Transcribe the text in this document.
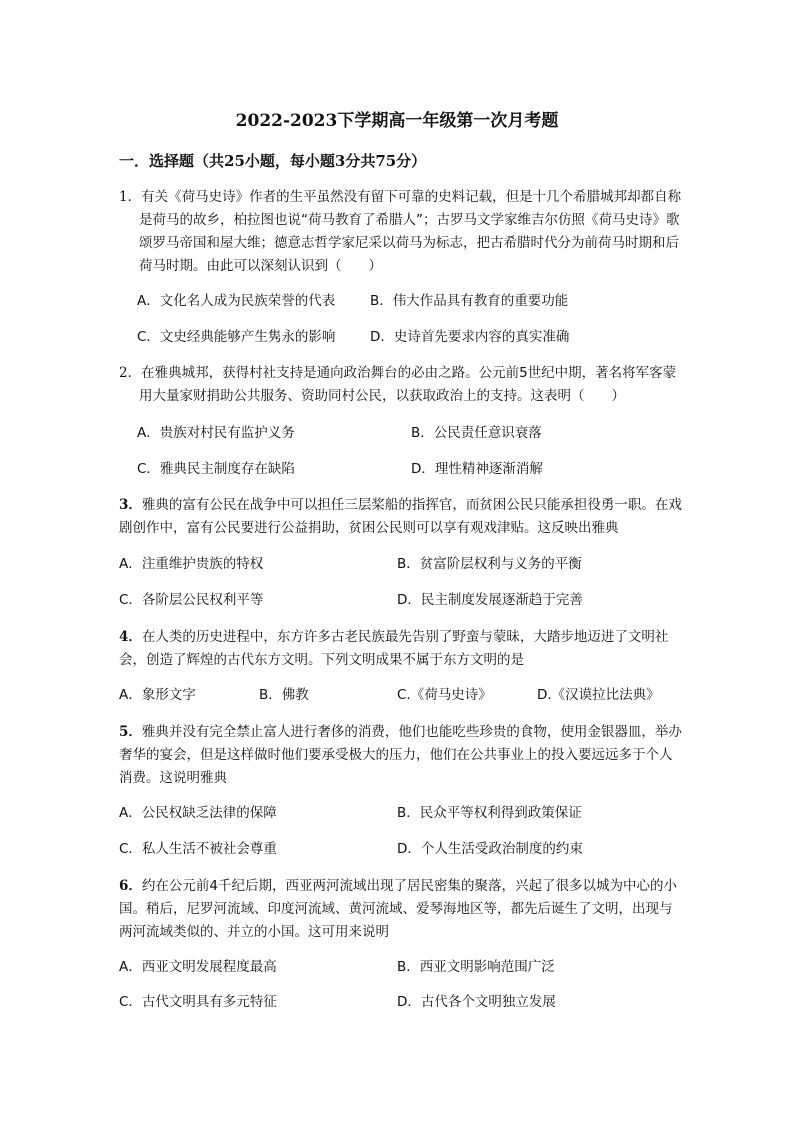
2022-2023下学期高一年级第一次月考题
一．选择题（共25小题，每小题3分共75分）
1．有关《荷马史诗》作者的生平虽然没有留下可靠的史料记载，但是十几个希腊城邦却都自称是荷马的故乡，柏拉图也说“荷马教育了希腊人”；古罗马文学家维吉尔仿照《荷马史诗》歌颂罗马帝国和屋大维；德意志哲学家尼采以荷马为标志，把古希腊时代分为前荷马时期和后荷马时期。由此可以深刻认识到（　　）
A．文化名人成为民族荣誉的代表	B．伟大作品具有教育的重要功能
C．文史经典能够产生隽永的影响	D．史诗首先要求内容的真实准确
2．在雅典城邦，获得村社支持是通向政治舞台的必由之路。公元前5世纪中期，著名将军客蒙用大量家财捐助公共服务、资助同村公民，以获取政治上的支持。这表明（　　）
A．贵族对村民有监护义务	B．公民责任意识衰落
C．雅典民主制度存在缺陷	D．理性精神逐渐消解
3．雅典的富有公民在战争中可以担任三层桨船的指挥官，而贫困公民只能承担役勇一职。在戏剧创作中，富有公民要进行公益捐助，贫困公民则可以享有观戏津贴。这反映出雅典
A．注重维护贵族的特权	B．贫富阶层权利与义务的平衡
C．各阶层公民权利平等	D．民主制度发展逐渐趋于完善
4．在人类的历史进程中，东方许多古老民族最先告别了野蛮与蒙昧，大踏步地迈进了文明社会，创造了辉煌的古代东方文明。下列文明成果不属于东方文明的是
A．象形文字	B．佛教	C.《荷马史诗》	D.《汉谟拉比法典》
5．雅典并没有完全禁止富人进行奢侈的消费，他们也能吃些珍贵的食物，使用金银器皿，举办奢华的宴会，但是这样做时他们要承受极大的压力，他们在公共事业上的投入要远远多于个人消费。这说明雅典
A．公民权缺乏法律的保障	B．民众平等权利得到政策保证
C．私人生活不被社会尊重	D．个人生活受政治制度的约束
6．约在公元前4千纪后期，西亚两河流域出现了居民密集的聚落，兴起了很多以城为中心的小国。稍后，尼罗河流域、印度河流域、黄河流域、爱琴海地区等，都先后诞生了文明，出现与两河流域类似的、并立的小国。这可用来说明
A．西亚文明发展程度最高	B．西亚文明影响范围广泛
C．古代文明具有多元特征	D．古代各个文明独立发展
